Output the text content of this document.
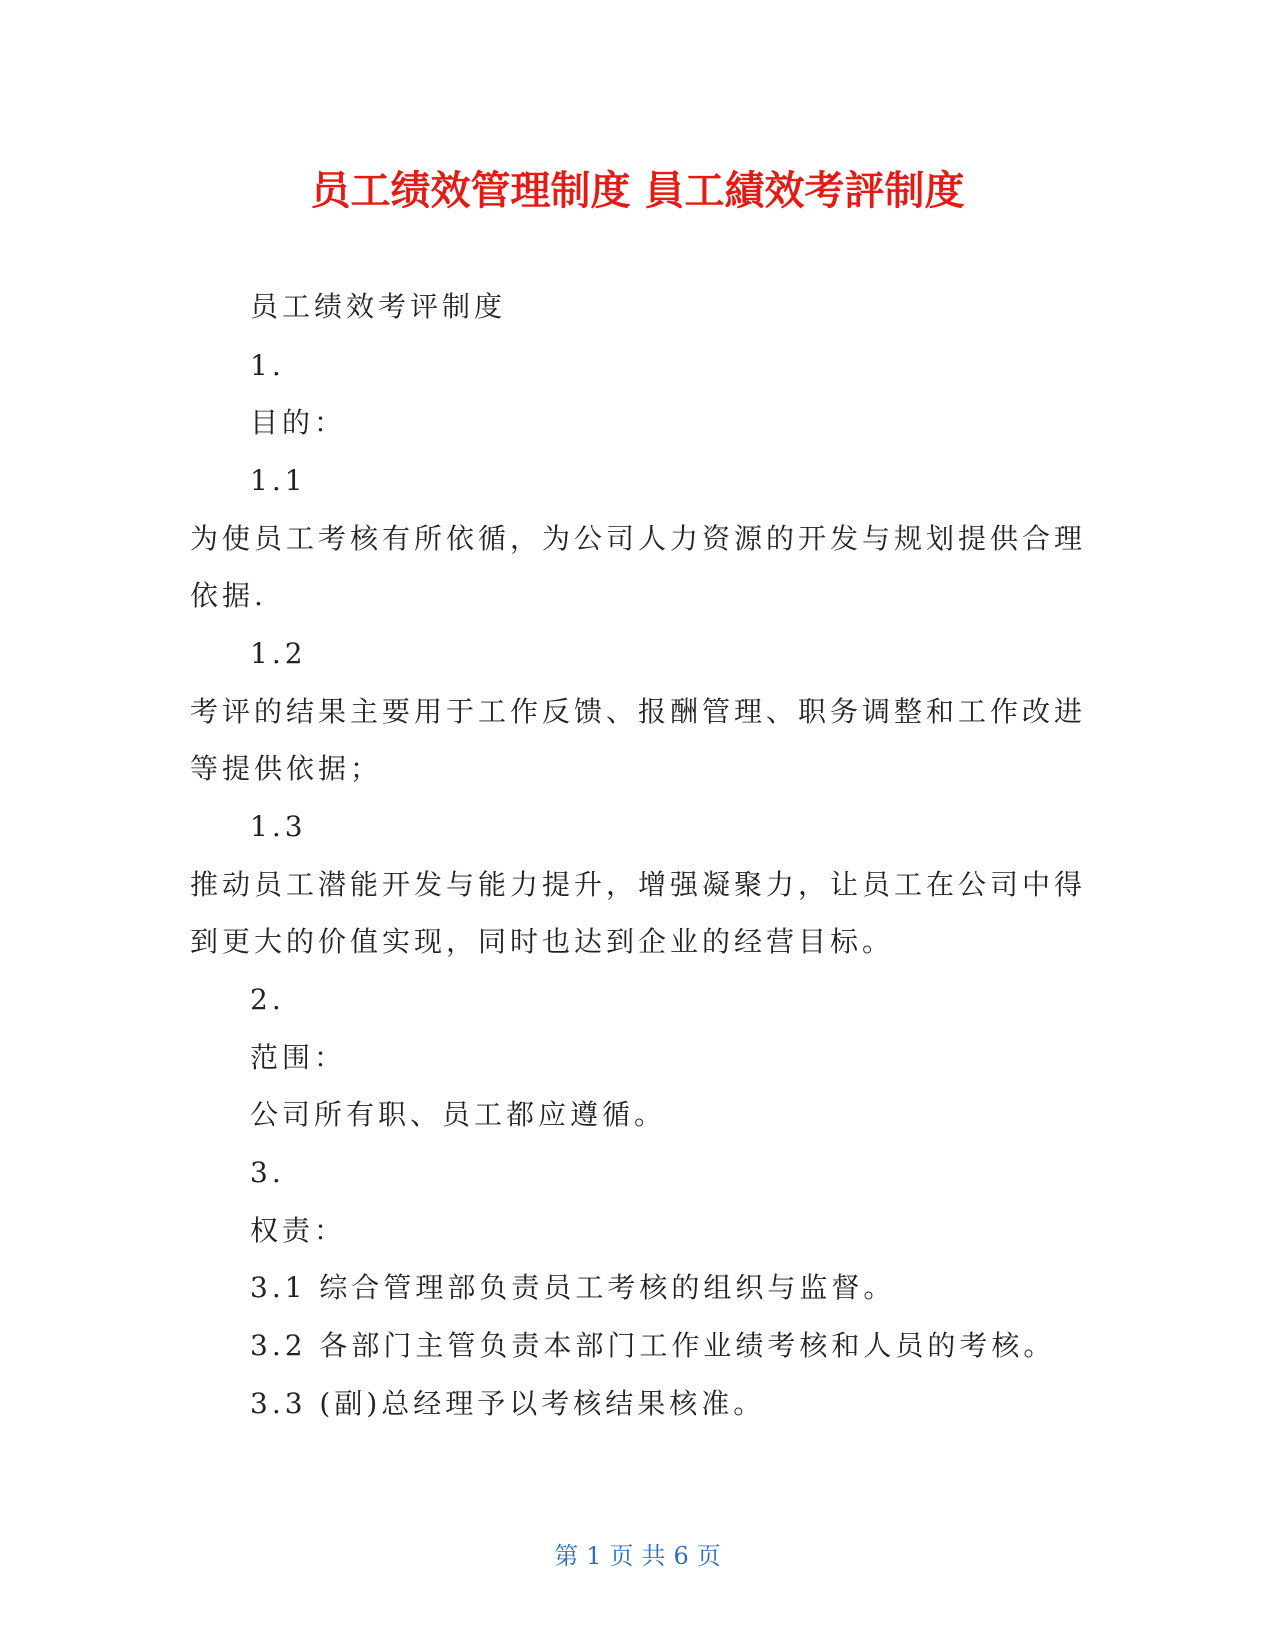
员工绩效管理制度 員工績效考評制度
员工绩效考评制度
1.
目的：
1.1
为使员工考核有所依循，为公司人力资源的开发与规划提供合理
依据.
1.2
考评的结果主要用于工作反馈、报酬管理、职务调整和工作改进
等提供依据；
1.3
推动员工潜能开发与能力提升，增强凝聚力，让员工在公司中得
到更大的价值实现，同时也达到企业的经营目标。
2.
范围：
公司所有职、员工都应遵循。
3.
权责：
3.1 综合管理部负责员工考核的组织与监督。
3.2 各部门主管负责本部门工作业绩考核和人员的考核。
3.3 (副)总经理予以考核结果核准。
第 1 页 共 6 页
